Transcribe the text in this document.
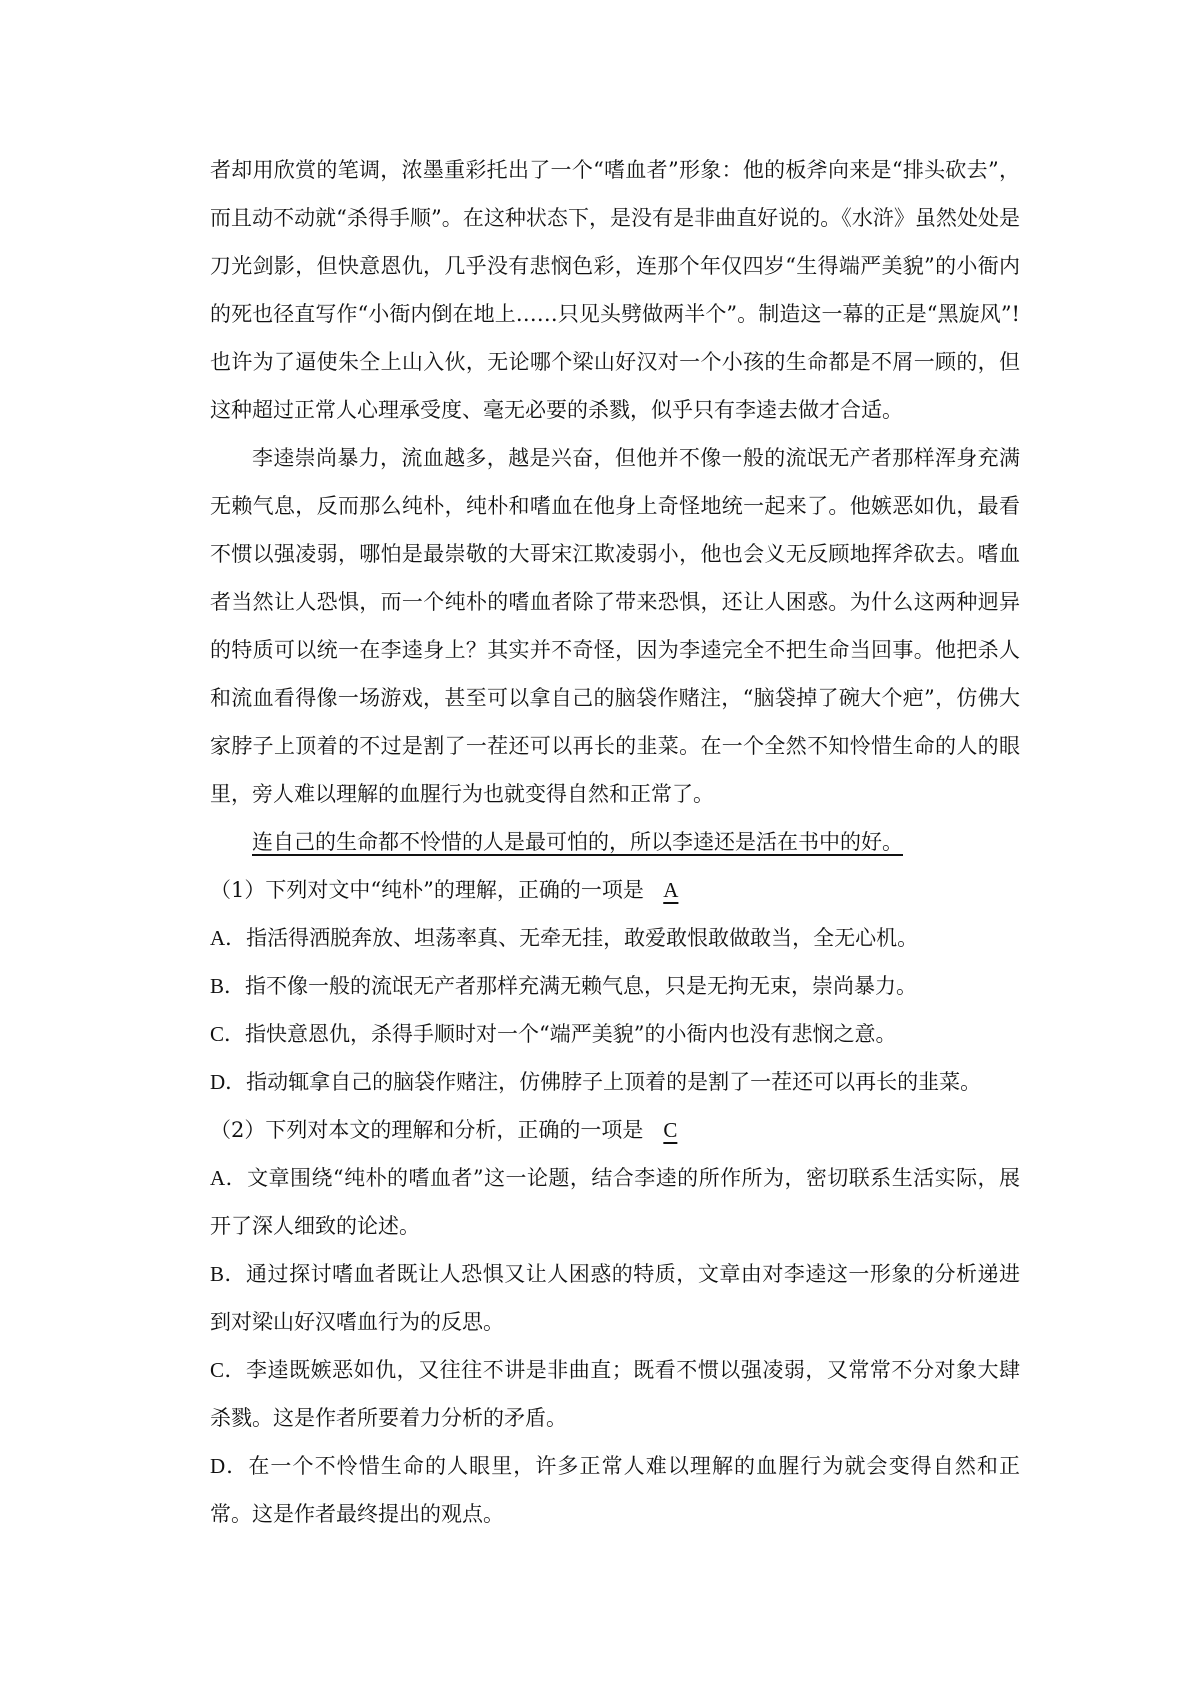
者却用欣赏的笔调，浓墨重彩托出了一个“嗜血者”形象：他的板斧向来是“排头砍去”，而且动不动就“杀得手顺”。在这种状态下，是没有是非曲直好说的。《水浒》虽然处处是刀光剑影，但快意恩仇，几乎没有悲悯色彩，连那个年仅四岁“生得端严美貌”的小衙内的死也径直写作“小衙内倒在地上……只见头劈做两半个”。制造这一幕的正是“黑旋风”!也许为了逼使朱仝上山入伙，无论哪个梁山好汉对一个小孩的生命都是不屑一顾的，但这种超过正常人心理承受度、毫无必要的杀戮，似乎只有李逵去做才合适。

李逵崇尚暴力，流血越多，越是兴奋，但他并不像一般的流氓无产者那样浑身充满无赖气息，反而那么纯朴，纯朴和嗜血在他身上奇怪地统一起来了。他嫉恶如仇，最看不惯以强凌弱，哪怕是最崇敬的大哥宋江欺凌弱小，他也会义无反顾地挥斧砍去。嗜血者当然让人恐惧，而一个纯朴的嗜血者除了带来恐惧，还让人困惑。为什么这两种迥异的特质可以统一在李逵身上？其实并不奇怪，因为李逵完全不把生命当回事。他把杀人和流血看得像一场游戏，甚至可以拿自己的脑袋作赌注，“脑袋掉了碗大个疤”，仿佛大家脖子上顶着的不过是割了一茬还可以再长的韭菜。在一个全然不知怜惜生命的人的眼里，旁人难以理解的血腥行为也就变得自然和正常了。

连自己的生命都不怜惜的人是最可怕的，所以李逵还是活在书中的好。

（1）下列对文中“纯朴”的理解，正确的一项是 A

A．指活得洒脱奔放、坦荡率真、无牵无挂，敢爱敢恨敢做敢当，全无心机。

B．指不像一般的流氓无产者那样充满无赖气息，只是无拘无束，崇尚暴力。

C．指快意恩仇，杀得手顺时对一个“端严美貌”的小衙内也没有悲悯之意。

D．指动辄拿自己的脑袋作赌注，仿佛脖子上顶着的是割了一茬还可以再长的韭菜。

（2）下列对本文的理解和分析，正确的一项是 C

A．文章围绕“纯朴的嗜血者”这一论题，结合李逵的所作所为，密切联系生活实际，展开了深人细致的论述。

B．通过探讨嗜血者既让人恐惧又让人困惑的特质，文章由对李逵这一形象的分析递进到对梁山好汉嗜血行为的反思。

C．李逵既嫉恶如仇，又往往不讲是非曲直；既看不惯以强凌弱，又常常不分对象大肆杀戮。这是作者所要着力分析的矛盾。

D．在一个不怜惜生命的人眼里，许多正常人难以理解的血腥行为就会变得自然和正常。这是作者最终提出的观点。
